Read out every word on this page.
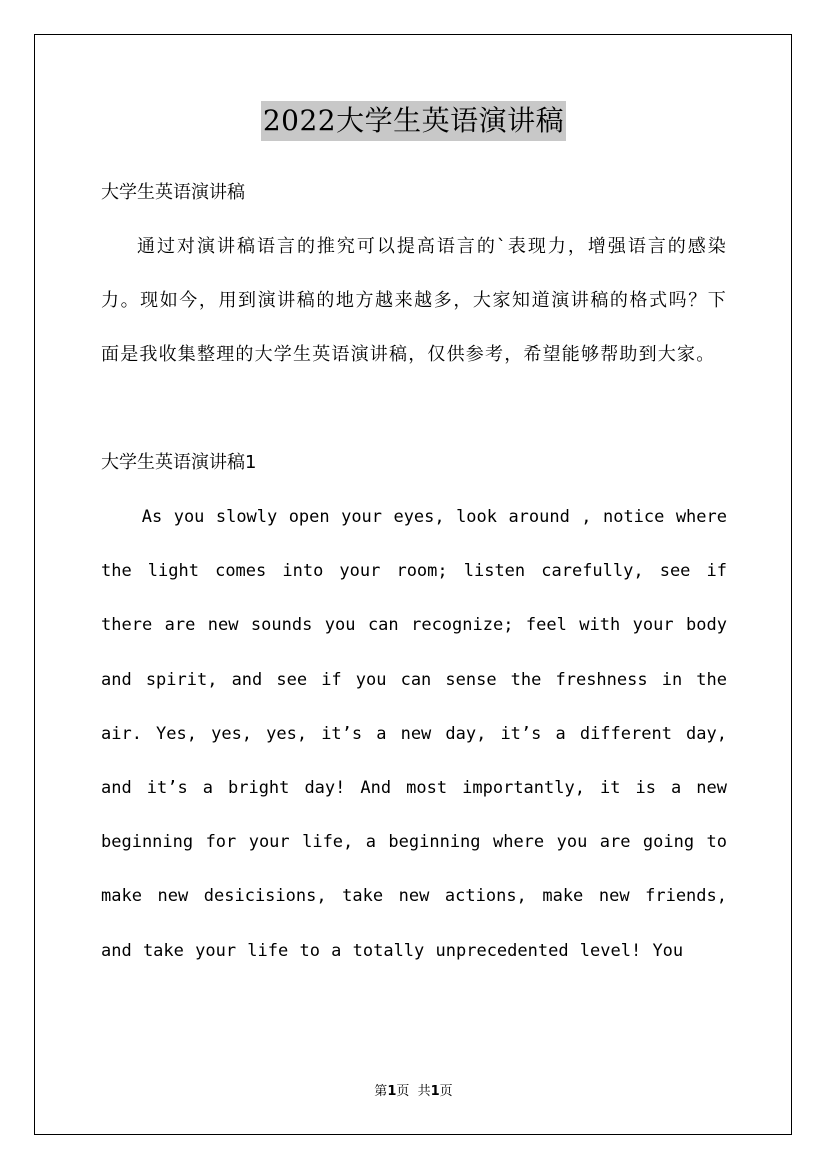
2022大学生英语演讲稿

大学生英语演讲稿

通过对演讲稿语言的推究可以提高语言的`表现力，增强语言的感染力。现如今，用到演讲稿的地方越来越多，大家知道演讲稿的格式吗？下面是我收集整理的大学生英语演讲稿，仅供参考，希望能够帮助到大家。

大学生英语演讲稿1

As you slowly open your eyes, look around , notice where the light comes into your room; listen carefully, see if there are new sounds you can recognize; feel with your body and spirit, and see if you can sense the freshness in the air. Yes, yes, yes, it’s a new day, it’s a different day, and it’s a bright day! And most importantly, it is a new beginning for your life, a beginning where you are going to make new desicisions, take new actions, make new friends, and take your life to a totally unprecedented level! You

第1页  共1页
